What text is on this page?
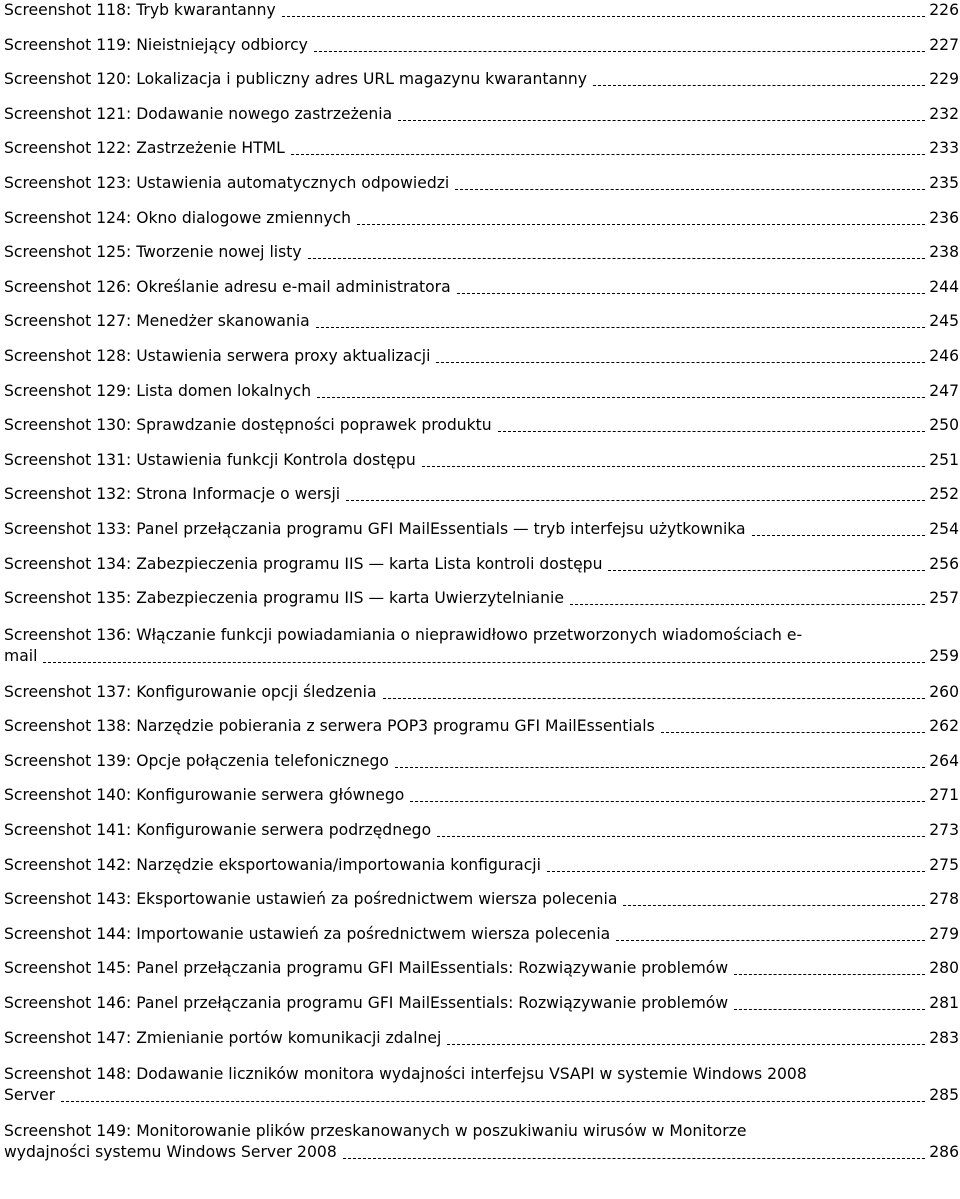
Screenshot 118: Tryb kwarantanny	226
Screenshot 119: Nieistniejący odbiorcy	227
Screenshot 120: Lokalizacja i publiczny adres URL magazynu kwarantanny	229
Screenshot 121: Dodawanie nowego zastrzeżenia	232
Screenshot 122: Zastrzeżenie HTML	233
Screenshot 123: Ustawienia automatycznych odpowiedzi	235
Screenshot 124: Okno dialogowe zmiennych	236
Screenshot 125: Tworzenie nowej listy	238
Screenshot 126: Określanie adresu e-mail administratora	244
Screenshot 127: Menedżer skanowania	245
Screenshot 128: Ustawienia serwera proxy aktualizacji	246
Screenshot 129: Lista domen lokalnych	247
Screenshot 130: Sprawdzanie dostępności poprawek produktu	250
Screenshot 131: Ustawienia funkcji Kontrola dostępu	251
Screenshot 132: Strona Informacje o wersji	252
Screenshot 133: Panel przełączania programu GFI MailEssentials — tryb interfejsu użytkownika	254
Screenshot 134: Zabezpieczenia programu IIS — karta Lista kontroli dostępu	256
Screenshot 135: Zabezpieczenia programu IIS — karta Uwierzytelnianie	257
Screenshot 136: Włączanie funkcji powiadamiania o nieprawidłowo przetworzonych wiadomościach e-
mail	259
Screenshot 137: Konfigurowanie opcji śledzenia	260
Screenshot 138: Narzędzie pobierania z serwera POP3 programu GFI MailEssentials	262
Screenshot 139: Opcje połączenia telefonicznego	264
Screenshot 140: Konfigurowanie serwera głównego	271
Screenshot 141: Konfigurowanie serwera podrzędnego	273
Screenshot 142: Narzędzie eksportowania/importowania konfiguracji	275
Screenshot 143: Eksportowanie ustawień za pośrednictwem wiersza polecenia	278
Screenshot 144: Importowanie ustawień za pośrednictwem wiersza polecenia	279
Screenshot 145: Panel przełączania programu GFI MailEssentials: Rozwiązywanie problemów	280
Screenshot 146: Panel przełączania programu GFI MailEssentials: Rozwiązywanie problemów	281
Screenshot 147: Zmienianie portów komunikacji zdalnej	283
Screenshot 148: Dodawanie liczników monitora wydajności interfejsu VSAPI w systemie Windows 2008
Server	285
Screenshot 149: Monitorowanie plików przeskanowanych w poszukiwaniu wirusów w Monitorze
wydajności systemu Windows Server 2008	286
